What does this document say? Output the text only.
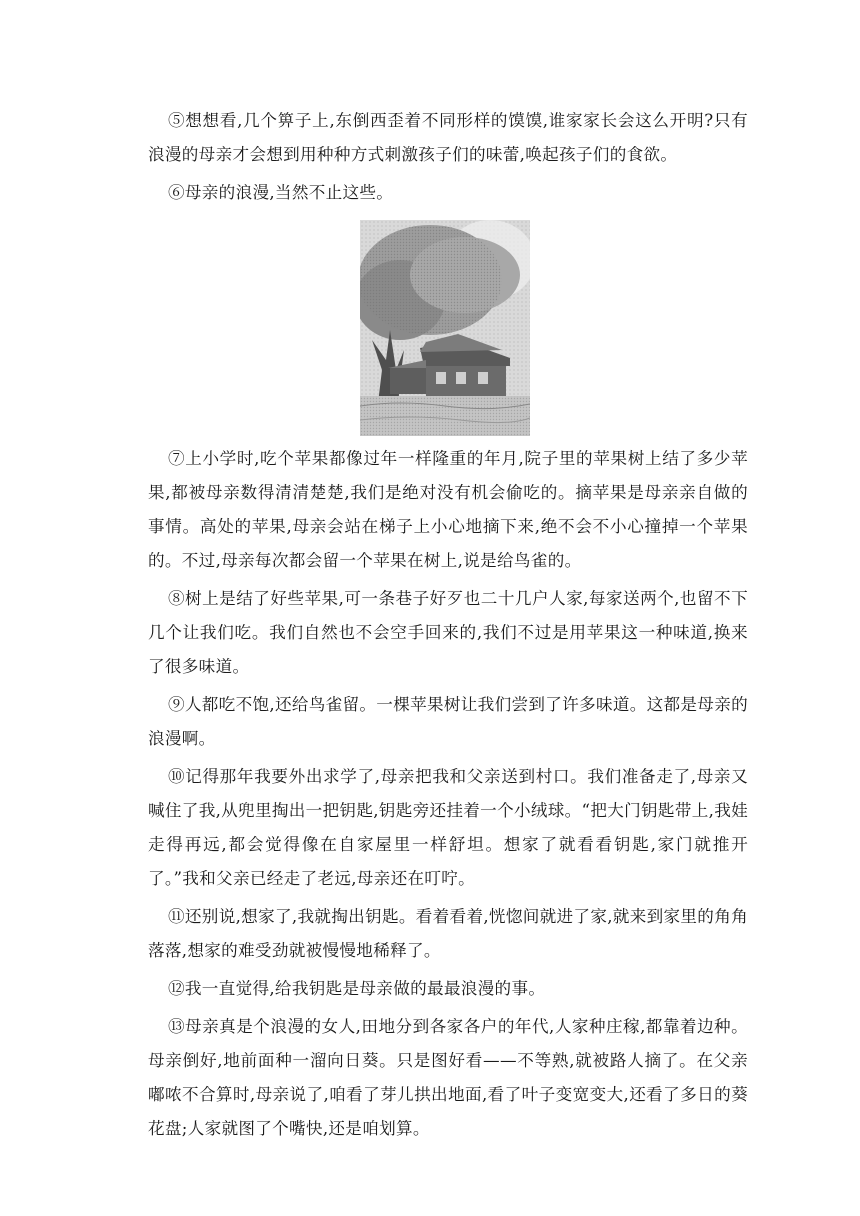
⑤想想看,几个箅子上,东倒西歪着不同形样的馍馍,谁家家长会这么开明?只有浪漫的母亲才会想到用种种方式刺激孩子们的味蕾,唤起孩子们的食欲。

⑥母亲的浪漫,当然不止这些。

⑦上小学时,吃个苹果都像过年一样隆重的年月,院子里的苹果树上结了多少苹果,都被母亲数得清清楚楚,我们是绝对没有机会偷吃的。摘苹果是母亲亲自做的事情。高处的苹果,母亲会站在梯子上小心地摘下来,绝不会不小心撞掉一个苹果的。不过,母亲每次都会留一个苹果在树上,说是给鸟雀的。

⑧树上是结了好些苹果,可一条巷子好歹也二十几户人家,每家送两个,也留不下几个让我们吃。我们自然也不会空手回来的,我们不过是用苹果这一种味道,换来了很多味道。

⑨人都吃不饱,还给鸟雀留。一棵苹果树让我们尝到了许多味道。这都是母亲的浪漫啊。

⑩记得那年我要外出求学了,母亲把我和父亲送到村口。我们准备走了,母亲又喊住了我,从兜里掏出一把钥匙,钥匙旁还挂着一个小绒球。“把大门钥匙带上,我娃走得再远,都会觉得像在自家屋里一样舒坦。想家了就看看钥匙,家门就推开了。”我和父亲已经走了老远,母亲还在叮咛。

⑪还别说,想家了,我就掏出钥匙。看着看着,恍惚间就进了家,就来到家里的角角落落,想家的难受劲就被慢慢地稀释了。

⑫我一直觉得,给我钥匙是母亲做的最最浪漫的事。

⑬母亲真是个浪漫的女人,田地分到各家各户的年代,人家种庄稼,都靠着边种。母亲倒好,地前面种一溜向日葵。只是图好看——不等熟,就被路人摘了。在父亲嘟哝不合算时,母亲说了,咱看了芽儿拱出地面,看了叶子变宽变大,还看了多日的葵花盘;人家就图了个嘴快,还是咱划算。
